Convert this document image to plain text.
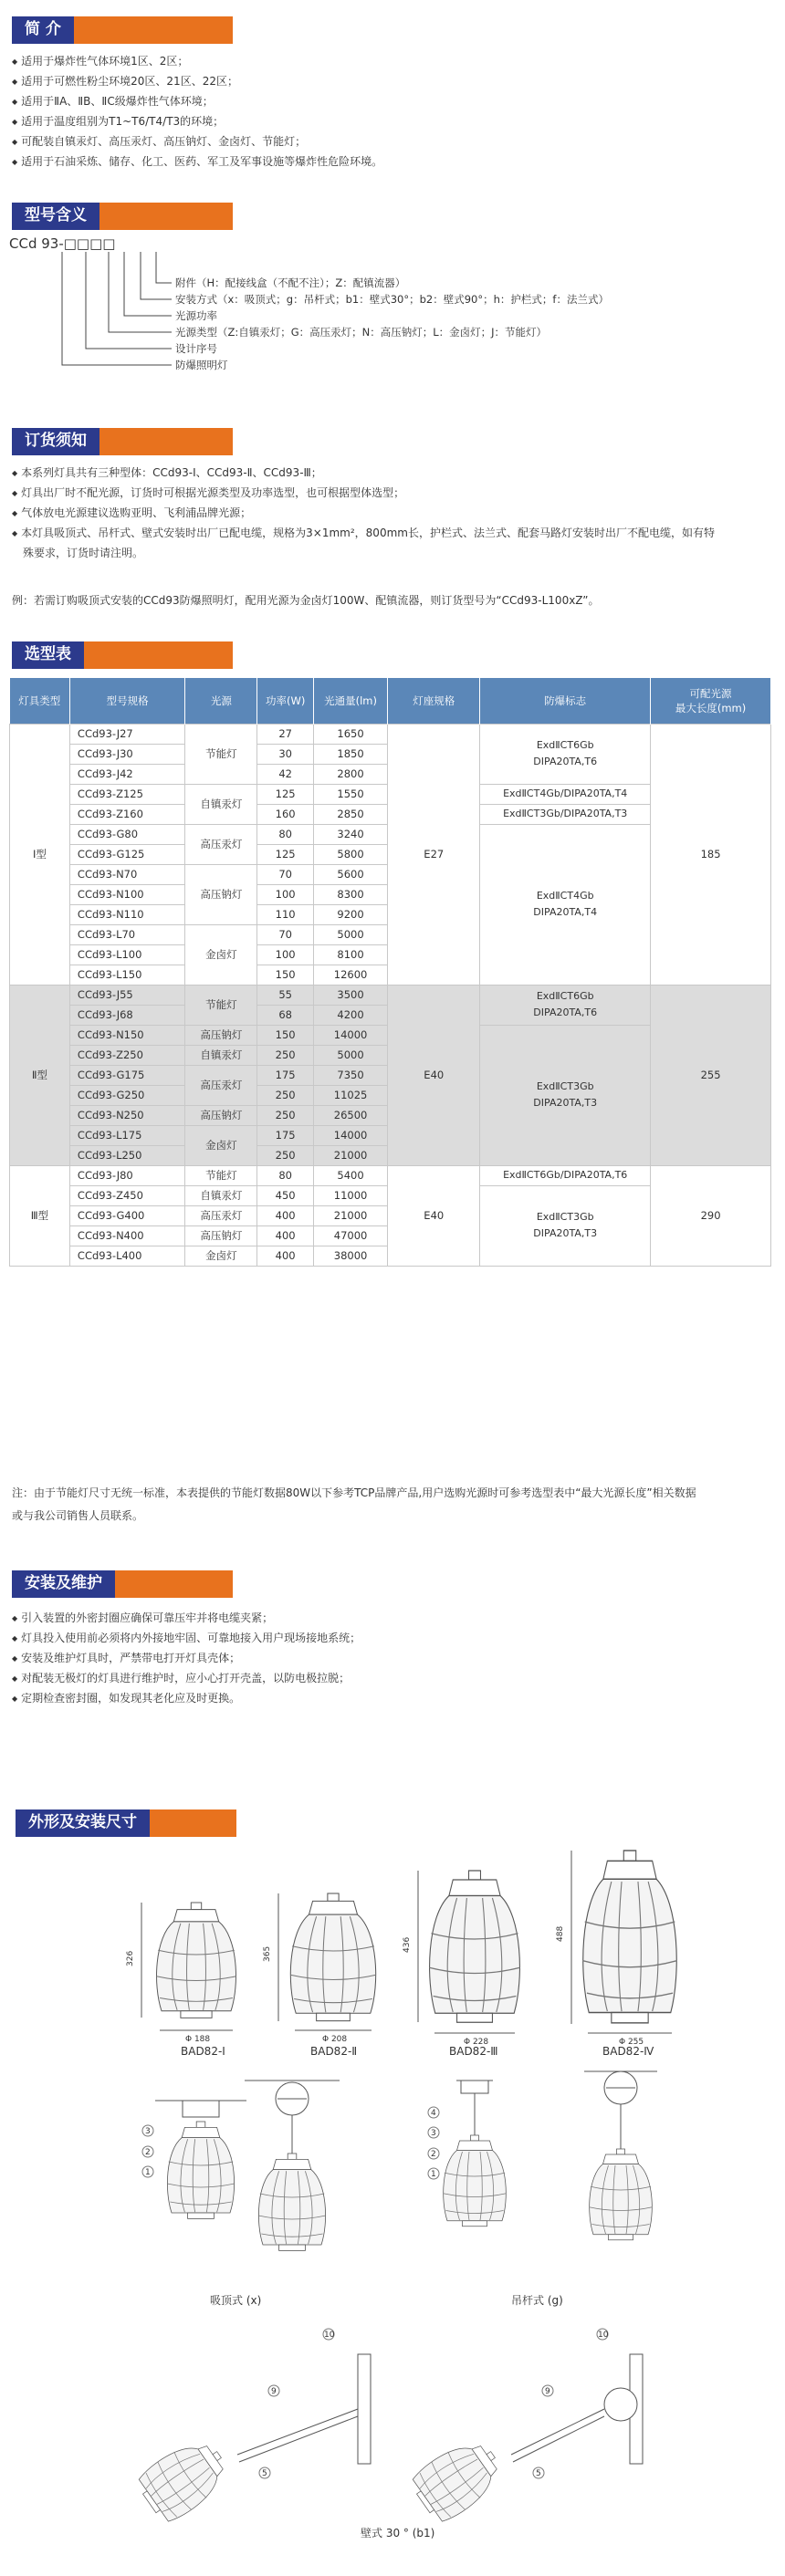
简 介
◆ 适用于爆炸性气体环境1区、2区；
◆ 适用于可燃性粉尘环境20区、21区、22区；
◆ 适用于ⅡA、ⅡB、ⅡC级爆炸性气体环境；
◆ 适用于温度组别为T1~T6/T4/T3的环境；
◆ 可配装自镇汞灯、高压汞灯、高压钠灯、金卤灯、节能灯；
◆ 适用于石油采炼、储存、化工、医药、军工及军事设施等爆炸性危险环境。
型号含义
CCd 93-□□□□
附件（H：配接线盒（不配不注）；Z：配镇流器）
安装方式（x：吸顶式；g：吊杆式；b1：壁式30°；b2：壁式90°；h：护栏式；f：法兰式）
光源功率
光源类型（Z:自镇汞灯；G：高压汞灯；N：高压钠灯；L：金卤灯；J：节能灯）
设计序号
防爆照明灯
订货须知
◆ 本系列灯具共有三种型体：CCd93-Ⅰ、CCd93-Ⅱ、CCd93-Ⅲ；
◆ 灯具出厂时不配光源，订货时可根据光源类型及功率选型，也可根据型体选型；
◆ 气体放电光源建议选购亚明、飞利浦品牌光源；
◆ 本灯具吸顶式、吊杆式、壁式安装时出厂已配电缆，规格为3×1mm²，800mm长，护栏式、法兰式、配套马路灯安装时出厂不配电缆，如有特
殊要求，订货时请注明。
例：若需订购吸顶式安装的CCd93防爆照明灯，配用光源为金卤灯100W、配镇流器，则订货型号为“CCd93-L100xZ”。
选型表
灯具类型	型号规格	光源	功率(W)	光通量(lm)	灯座规格	防爆标志	可配光源
最大长度(mm)
Ⅰ型	CCd93-J27	节能灯	27	1650	E27	ExdⅡCT6Gb
DIPA20TA,T6	185
	CCd93-J30		30	1850			
	CCd93-J42		42	2800			
	CCd93-Z125	自镇汞灯	125	1550		ExdⅡCT4Gb/DIPA20TA,T4	
	CCd93-Z160		160	2850		ExdⅡCT3Gb/DIPA20TA,T3	
	CCd93-G80	高压汞灯	80	3240		ExdⅡCT4Gb
DIPA20TA,T4	
	CCd93-G125		125	5800			
	CCd93-N70	高压钠灯	70	5600			
	CCd93-N100		100	8300			
	CCd93-N110		110	9200			
	CCd93-L70	金卤灯	70	5000			
	CCd93-L100		100	8100			
	CCd93-L150		150	12600			
Ⅱ型	CCd93-J55	节能灯	55	3500	E40	ExdⅡCT6Gb
DIPA20TA,T6	255
	CCd93-J68		68	4200			
	CCd93-N150	高压钠灯	150	14000		ExdⅡCT3Gb
DIPA20TA,T3	
	CCd93-Z250	自镇汞灯	250	5000			
	CCd93-G175	高压汞灯	175	7350			
	CCd93-G250		250	11025			
	CCd93-N250	高压钠灯	250	26500			
	CCd93-L175	金卤灯	175	14000			
	CCd93-L250		250	21000			
Ⅲ型	CCd93-J80	节能灯	80	5400	E40	ExdⅡCT6Gb/DIPA20TA,T6	290
	CCd93-Z450	自镇汞灯	450	11000		ExdⅡCT3Gb
DIPA20TA,T3	
	CCd93-G400	高压汞灯	400	21000			
	CCd93-N400	高压钠灯	400	47000			
	CCd93-L400	金卤灯	400	38000			
注：由于节能灯尺寸无统一标准，本表提供的节能灯数据80W以下参考TCP品牌产品,用户选购光源时可参考选型表中“最大光源长度”相关数据
或与我公司销售人员联系。
安装及维护
◆ 引入装置的外密封圈应确保可靠压牢并将电缆夹紧；
◆ 灯具投入使用前必须将内外接地牢固、可靠地接入用户现场接地系统；
◆ 安装及维护灯具时，严禁带电打开灯具壳体；
◆ 对配装无极灯的灯具进行维护时，应小心打开壳盖，以防电极拉脱；
◆ 定期检查密封圈，如发现其老化应及时更换。
外形及安装尺寸
326
Φ 188
BAD82-Ⅰ
365
Φ 208
BAD82-Ⅱ
436
Φ 228
BAD82-Ⅲ
488
Φ 255
BAD82-Ⅳ
3
2
1
吸顶式 (x)
4
3
2
1
吊杆式 (g)
10
9
5
10
9
5
壁式 30 ° (b1)
